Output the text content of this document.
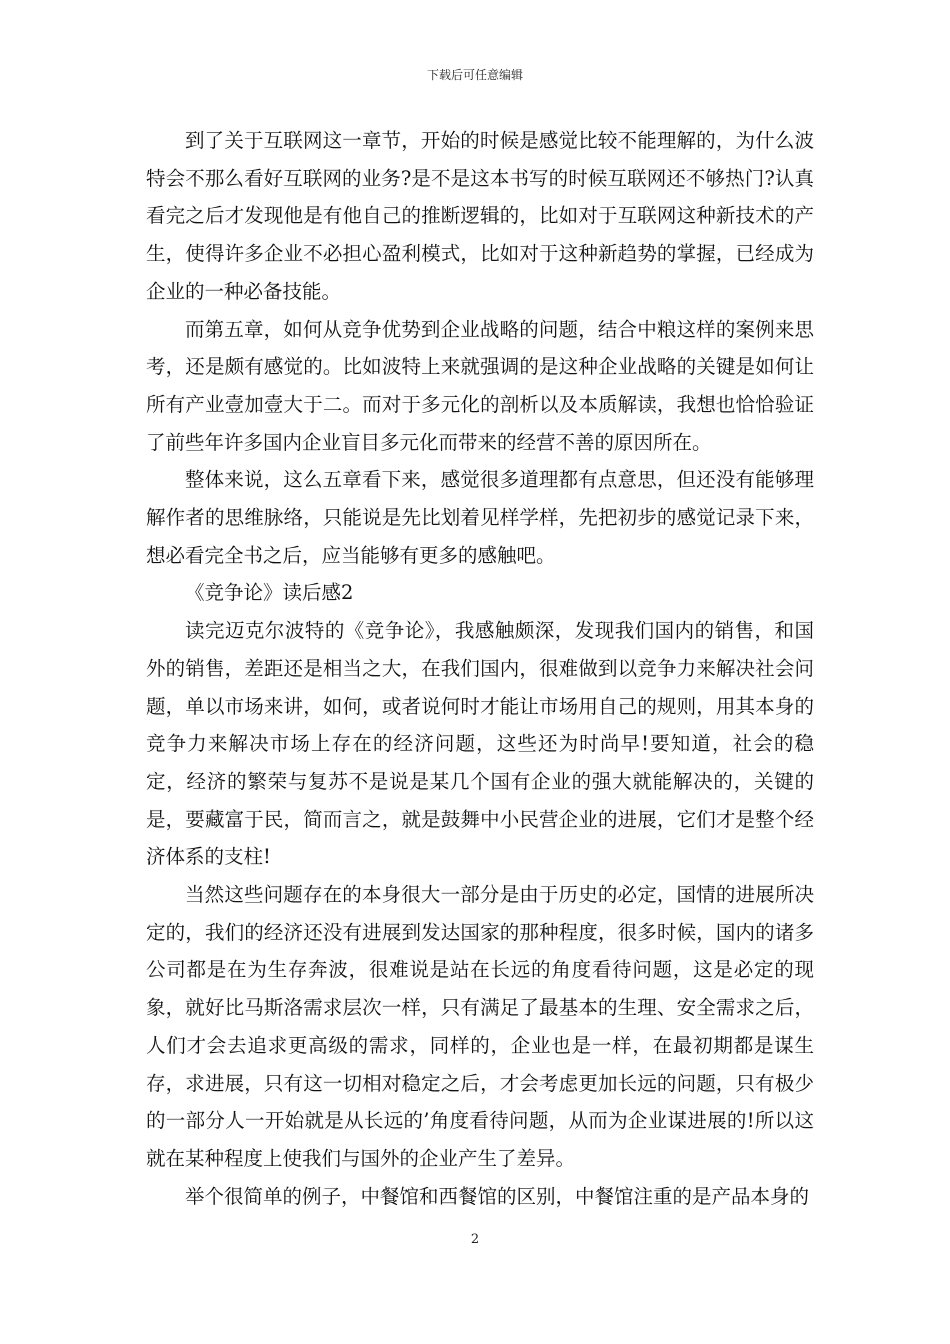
下载后可任意编辑

到了关于互联网这一章节，开始的时候是感觉比较不能理解的，为什么波特会不那么看好互联网的业务?是不是这本书写的时候互联网还不够热门?认真看完之后才发现他是有他自己的推断逻辑的，比如对于互联网这种新技术的产生，使得许多企业不必担心盈利模式，比如对于这种新趋势的掌握，已经成为企业的一种必备技能。

而第五章，如何从竞争优势到企业战略的问题，结合中粮这样的案例来思考，还是颇有感觉的。比如波特上来就强调的是这种企业战略的关键是如何让所有产业壹加壹大于二。而对于多元化的剖析以及本质解读，我想也恰恰验证了前些年许多国内企业盲目多元化而带来的经营不善的原因所在。

整体来说，这么五章看下来，感觉很多道理都有点意思，但还没有能够理解作者的思维脉络，只能说是先比划着见样学样，先把初步的感觉记录下来，想必看完全书之后，应当能够有更多的感触吧。

《竞争论》读后感2

读完迈克尔波特的《竞争论》，我感触颇深，发现我们国内的销售，和国外的销售，差距还是相当之大，在我们国内，很难做到以竞争力来解决社会问题，单以市场来讲，如何，或者说何时才能让市场用自己的规则，用其本身的竞争力来解决市场上存在的经济问题，这些还为时尚早!要知道，社会的稳定，经济的繁荣与复苏不是说是某几个国有企业的强大就能解决的，关键的是，要藏富于民，简而言之，就是鼓舞中小民营企业的进展，它们才是整个经济体系的支柱!

当然这些问题存在的本身很大一部分是由于历史的必定，国情的进展所决定的，我们的经济还没有进展到发达国家的那种程度，很多时候，国内的诸多公司都是在为生存奔波，很难说是站在长远的角度看待问题，这是必定的现象，就好比马斯洛需求层次一样，只有满足了最基本的生理、安全需求之后，人们才会去追求更高级的需求，同样的，企业也是一样，在最初期都是谋生存，求进展，只有这一切相对稳定之后，才会考虑更加长远的问题，只有极少的一部分人一开始就是从长远的’角度看待问题，从而为企业谋进展的!所以这就在某种程度上使我们与国外的企业产生了差异。

举个很简单的例子，中餐馆和西餐馆的区别，中餐馆注重的是产品本身的

2
